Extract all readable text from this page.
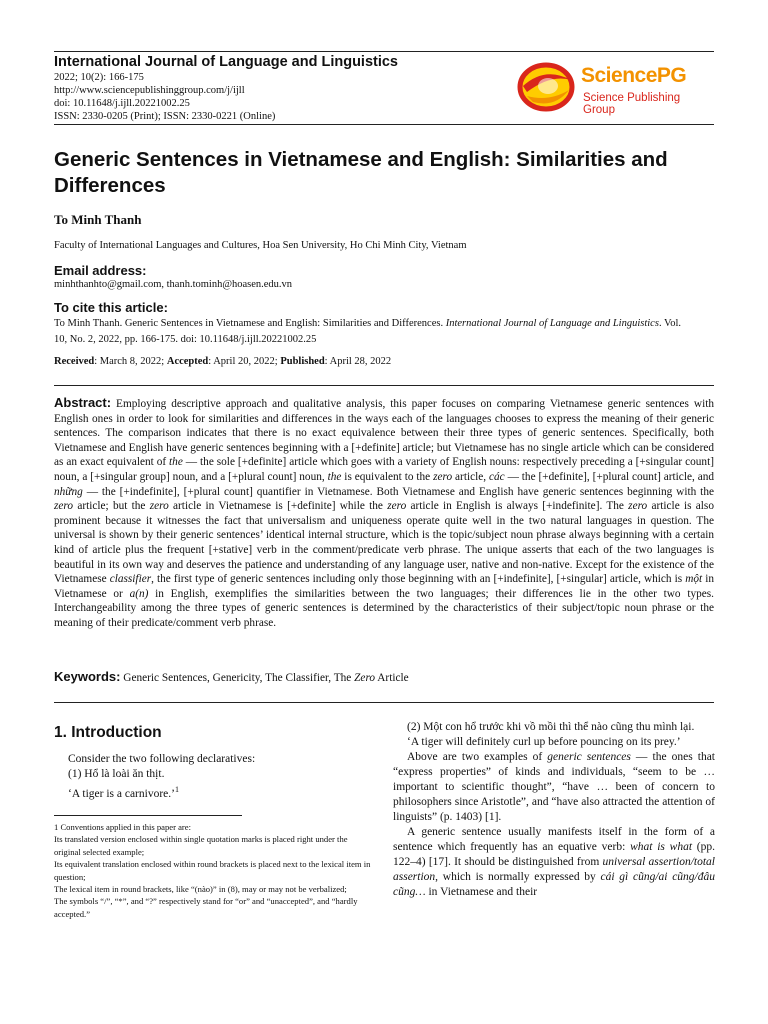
International Journal of Language and Linguistics
2022; 10(2): 166-175
http://www.sciencepublishinggroup.com/j/ijll
doi: 10.11648/j.ijll.20221002.25
ISSN: 2330-0205 (Print); ISSN: 2330-0221 (Online)
SciencePG
Science Publishing Group
Generic Sentences in Vietnamese and English: Similarities and Differences
To Minh Thanh
Faculty of International Languages and Cultures, Hoa Sen University, Ho Chi Minh City, Vietnam
Email address:
minhthanhto@gmail.com, thanh.tominh@hoasen.edu.vn
To cite this article:
To Minh Thanh. Generic Sentences in Vietnamese and English: Similarities and Differences. International Journal of Language and Linguistics. Vol. 10, No. 2, 2022, pp. 166-175. doi: 10.11648/j.ijll.20221002.25
Received: March 8, 2022; Accepted: April 20, 2022; Published: April 28, 2022
Abstract: Employing descriptive approach and qualitative analysis, this paper focuses on comparing Vietnamese generic sentences with English ones in order to look for similarities and differences in the ways each of the languages chooses to express the meaning of their generic sentences. The comparison indicates that there is no exact equivalence between their three types of generic sentences. Specifically, both Vietnamese and English have generic sentences beginning with a [+definite] article; but Vietnamese has no single article which can be considered as an exact equivalent of the — the sole [+definite] article which goes with a variety of English nouns: respectively preceding a [+singular count] noun, a [+singular group] noun, and a [+plural count] noun, the is equivalent to the zero article, các — the [+definite], [+plural count] article, and những — the [+indefinite], [+plural count] quantifier in Vietnamese. Both Vietnamese and English have generic sentences beginning with the zero article; but the zero article in Vietnamese is [+definite] while the zero article in English is always [+indefinite]. The zero article is also prominent because it witnesses the fact that universalism and uniqueness operate quite well in the two natural languages in question. The universal is shown by their generic sentences’ identical internal structure, which is the topic/subject noun phrase always beginning with a certain kind of article plus the frequent [+stative] verb in the comment/predicate verb phrase. The unique asserts that each of the two languages is beautiful in its own way and deserves the patience and understanding of any language user, native and non-native. Except for the existence of the Vietnamese classifier, the first type of generic sentences including only those beginning with an [+indefinite], [+singular] article, which is một in Vietnamese or a(n) in English, exemplifies the similarities between the two languages; their differences lie in the other two types. Interchangeability among the three types of generic sentences is determined by the characteristics of their subject/topic noun phrase or the meaning of their predicate/comment verb phrase.
Keywords: Generic Sentences, Genericity, The Classifier, The Zero Article
1. Introduction

Consider the two following declaratives:

(1) Hổ là loài ăn thịt.

‘A tiger is a carnivore.’$^1$

1 Conventions applied in this paper are:

Its translated version enclosed within single quotation marks is placed right under the original selected example;

Its equivalent translation enclosed within round brackets is placed next to the lexical item in question;

The lexical item in round brackets, like “(nào)” in (8), may or may not be verbalized;

The symbols “/”, “*”, and “?” respectively stand for “or” and “unaccepted”, and “hardly accepted.”

(2) Một con hổ trước khi vồ mồi thì thể nào cũng thu mình lại.

‘A tiger will definitely curl up before pouncing on its prey.’

Above are two examples of generic sentences — the ones that “express properties” of kinds and individuals, “seem to be … important to scientific thought”, “have … been of concern to philosophers since Aristotle”, and “have also attracted the attention of linguists” (p. 1403) [1].

A generic sentence usually manifests itself in the form of a sentence which frequently has an equative verb: what is what (pp. 122–4) [17]. It should be distinguished from universal assertion/total assertion, which is normally expressed by cái gì cũng/ai cũng/đâu cũng… in Vietnamese and their
